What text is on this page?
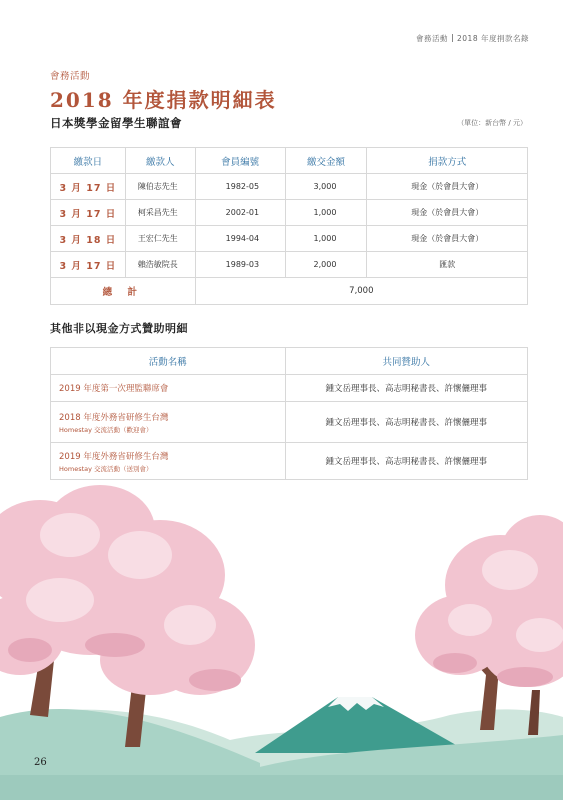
會務活動 2018 年度捐款名錄
會務活動
2018 年度捐款明細表
日本獎學金留學生聯誼會	（單位：新台幣 / 元）
繳款日	繳款人	會員編號	繳交金額	捐款方式
3 月 17 日	陳伯志先生	1982-05	3,000	現金（於會員大會）
3 月 17 日	柯采昌先生	2002-01	1,000	現金（於會員大會）
3 月 18 日	王宏仁先生	1994-04	1,000	現金（於會員大會）
3 月 17 日	賴浩敏院長	1989-03	2,000	匯款
總 計		7,000		
其他非以現金方式贊助明細
活動名稱	共同贊助人
2019 年度第一次理監聯席會	鍾文岳理事長、高志明秘書長、許懷儷理事
2018 年度外務省研修生台灣
Homestay 交流活動（歡迎會）	鍾文岳理事長、高志明秘書長、許懷儷理事
2019 年度外務省研修生台灣
Homestay 交流活動（送別會）	鍾文岳理事長、高志明秘書長、許懷儷理事
26
